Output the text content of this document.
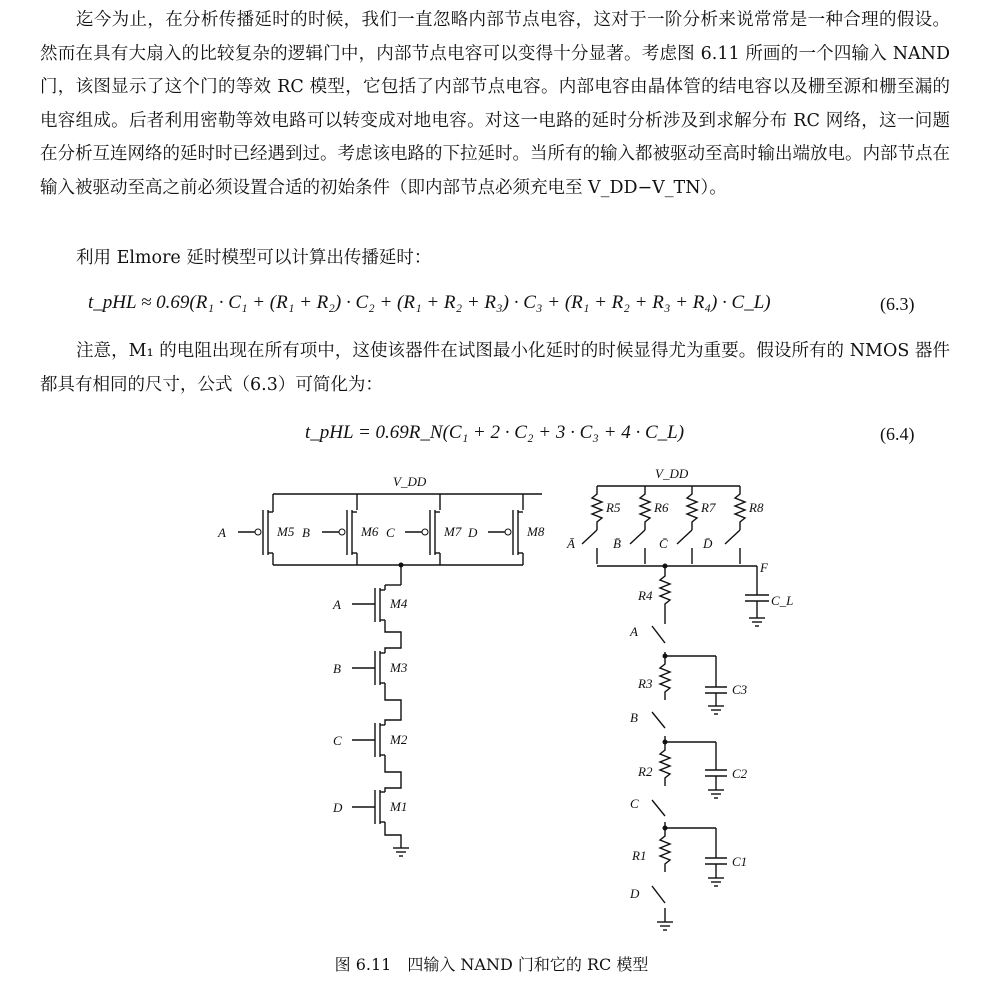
迄今为止，在分析传播延时的时候，我们一直忽略内部节点电容，这对于一阶分析来说常常是一种合理的假设。然而在具有大扇入的比较复杂的逻辑门中，内部节点电容可以变得十分显著。考虑图 6.11 所画的一个四输入 NAND 门，该图显示了这个门的等效 RC 模型，它包括了内部节点电容。内部电容由晶体管的结电容以及栅至源和栅至漏的电容组成。后者利用密勒等效电路可以转变成对地电容。对这一电路的延时分析涉及到求解分布 RC 网络，这一问题在分析互连网络的延时时已经遇到过。考虑该电路的下拉延时。当所有的输入都被驱动至高时输出端放电。内部节点在输入被驱动至高之前必须设置合适的初始条件（即内部节点必须充电至 V_DD−V_TN）。
利用 Elmore 延时模型可以计算出传播延时：
t_pHL ≈ 0.69(R₁ · C₁ + (R₁ + R₂) · C₂ + (R₁ + R₂ + R₃) · C₃ + (R₁ + R₂ + R₃ + R₄) · C_L)	(6.3)
注意，M₁ 的电阻出现在所有项中，这使该器件在试图最小化延时的时候显得尤为重要。假设所有的 NMOS 器件都具有相同的尺寸，公式（6.3）可简化为：
t_pHL = 0.69R_N(C₁ + 2 · C₂ + 3 · C₃ + 4 · C_L)	(6.4)
V_DD
A	M5 B	M6 C	M7 D	M8
A	M4
B	M3
C	M2
D	M1
V_DD
R5
Ā
R6
B̄
R7
C̄
R8
D̄
F
C_L
R4
A
C3
R3
B
C2
R2
C
C1
R1
D
图 6.11　四输入 NAND 门和它的 RC 模型
